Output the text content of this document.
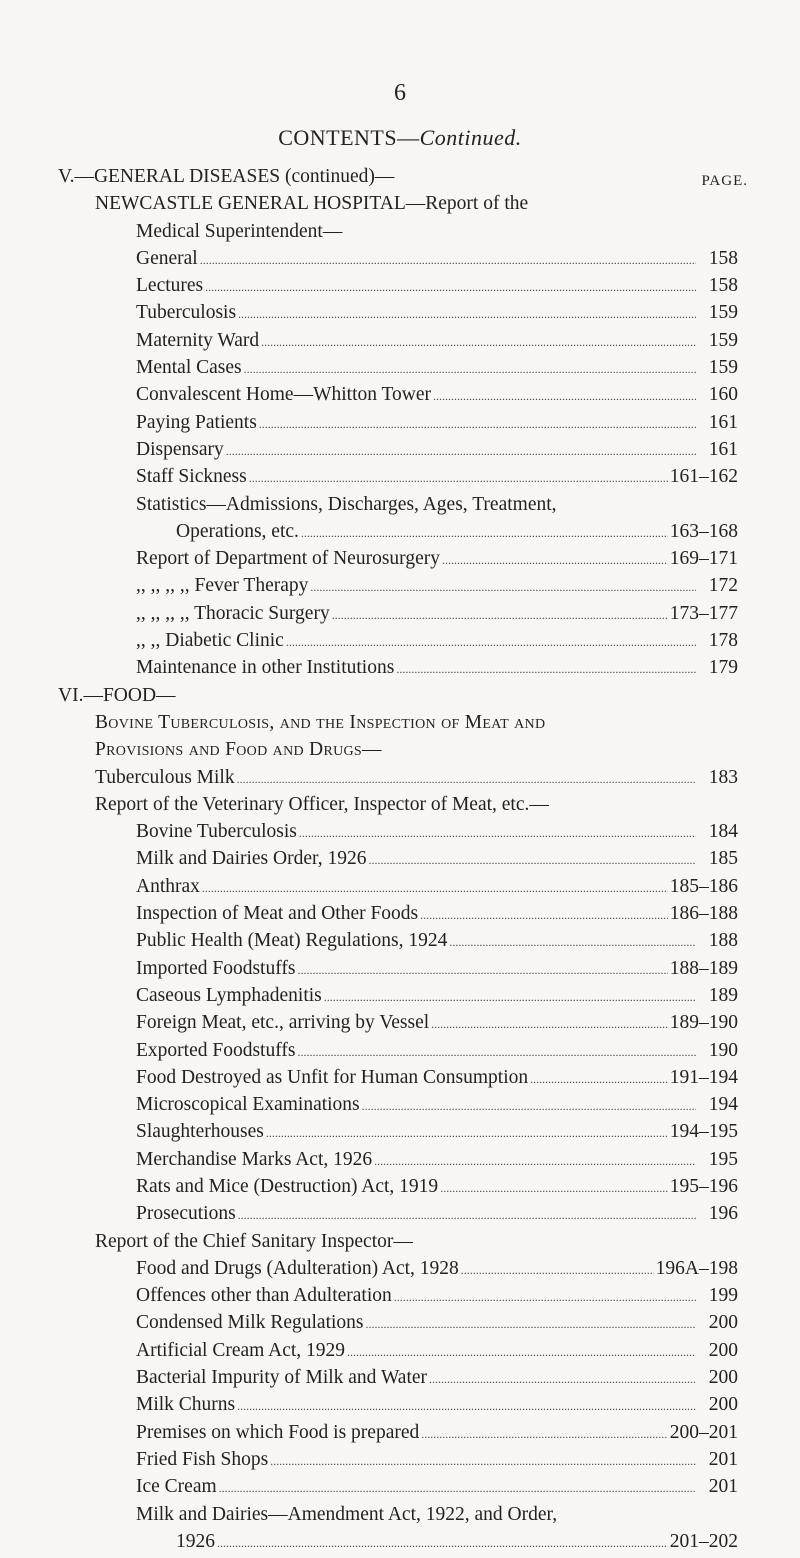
6
CONTENTS—Continued.
V.—GENERAL DISEASES (continued)—
NEWCASTLE GENERAL HOSPITAL—Report of the
Medical Superintendent—
General . . .	158
Lectures . . .	158
Tuberculosis . . .	159
Maternity Ward . . .	159
Mental Cases . . .	159
Convalescent Home—Whitton Tower . . .	160
Paying Patients . . .	161
Dispensary . . .	161
Staff Sickness . . .	161–162
Statistics—Admissions, Discharges, Ages, Treatment,
Operations, etc. . . .	163–168
Report of Department of Neurosurgery . . .	169–171
,, ,, ,, ,, Fever Therapy . . .	172
,, ,, ,, ,, Thoracic Surgery . . .	173–177
,, ,, Diabetic Clinic . . .	178
Maintenance in other Institutions . . .	179
VI.—FOOD—
Bovine Tuberculosis, and the Inspection of Meat and
Provisions and Food and Drugs—
Tuberculous Milk . . .	183
Report of the Veterinary Officer, Inspector of Meat, etc.—
Bovine Tuberculosis . . .	184
Milk and Dairies Order, 1926 . . .	185
Anthrax . . .	185–186
Inspection of Meat and Other Foods . . .	186–188
Public Health (Meat) Regulations, 1924 . . .	188
Imported Foodstuffs . . .	188–189
Caseous Lymphadenitis . . .	189
Foreign Meat, etc., arriving by Vessel . . .	189–190
Exported Foodstuffs . . .	190
Food Destroyed as Unfit for Human Consumption . . .	191–194
Microscopical Examinations . . .	194
Slaughterhouses . . .	194–195
Merchandise Marks Act, 1926 . . .	195
Rats and Mice (Destruction) Act, 1919 . . .	195–196
Prosecutions . . .	196
Report of the Chief Sanitary Inspector—
Food and Drugs (Adulteration) Act, 1928 . . .	196A–198
Offences other than Adulteration . . .	199
Condensed Milk Regulations . . .	200
Artificial Cream Act, 1929 . . .	200
Bacterial Impurity of Milk and Water . . .	200
Milk Churns . . .	200
Premises on which Food is prepared . . .	200–201
Fried Fish Shops . . .	201
Ice Cream . . .	201
Milk and Dairies—Amendment Act, 1922, and Order,
1926 . . .	201–202
PAGE.
